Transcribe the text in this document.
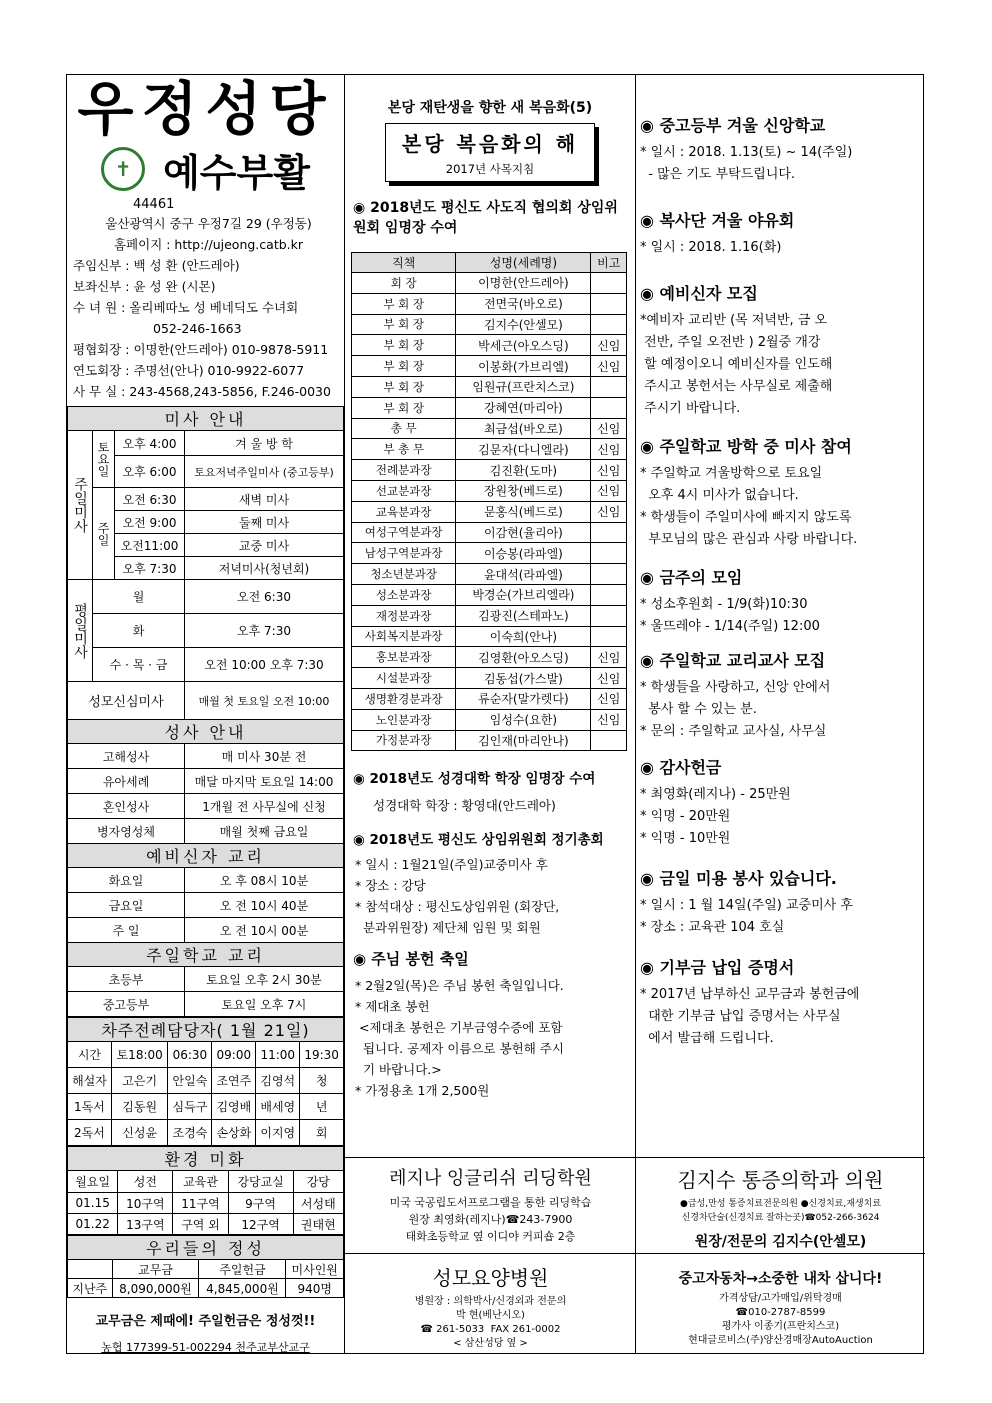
우정성당
✝ 예수부활
44461
울산광역시 중구 우정7길 29 (우정동)
홈페이지 : http://ujeong.catb.kr
주임신부 : 백 성 환 (안드레아)
보좌신부 : 윤 성 완 (시몬)
수 녀 원 : 올리베따노 성 베네딕도 수녀회
052-246-1663
평협회장 : 이명한(안드레아) 010-9878-5911
연도회장 : 주명선(안나) 010-9922-6077
사 무 실 : 243-4568,243-5856, F.246-0030
미사 안내			
주일미사	토요일	오후 4:00	겨 울 방 학
		오후 6:00	토요저녁주일미사 (중고등부)
	주일	오전 6:30	새벽 미사
		오전 9:00	둘째 미사
		오전11:00	교중 미사
		오후 7:30	저녁미사(청년회)
평일미사	월		오전 6:30
	화		오후 7:30
	수 · 목 · 금		오전 10:00 오후 7:30
성모신심미사			매월 첫 토요일 오전 10:00
성사 안내			
고해성사			매 미사 30분 전
유아세례			매달 마지막 토요일 14:00
혼인성사			1개월 전 사무실에 신청
병자영성체			매월 첫째 금요일
예비신자 교리			
화요일			오 후 08시 10분
금요일			오 전 10시 40분
주 일			오 전 10시 00분
주일학교 교리			
초등부			토요일 오후 2시 30분
중고등부			토요일 오후 7시
차주전례담당자( 1월 21일)					
시간	토18:00	06:30	09:00	11:00	19:30
해설자	고은기	안일숙	조연주	김영석	청
1독서	김동원	심득구	김영배	배세영	년
2독서	신성윤	조경숙	손상화	이지영	회
환경 미화				
월요일	성전	교육관	강당교실	강당
01.15	10구역	11구역	9구역	서성태
01.22	13구역	구역 외	12구역	권태현
우리들의 정성			
	교무금	주일헌금	미사인원
지난주	8,090,000원	4,845,000원	940명
교무금은 제때에! 주일헌금은 정성껏!!
농협 177399-51-002294 천주교부산교구
본당 재탄생을 향한 새 복음화(5)
본당 복음화의 해
2017년 사목지침
◉ 2018년도 평신도 사도직 협의회 상임위원회 임명장 수여
직책	성명(세례명)	비고
회 장	이명한(안드레아)	
부 회 장	전면국(바오로)	
부 회 장	김지수(안셀모)	
부 회 장	박세근(아오스딩)	신임
부 회 장	이봉화(가브리엘)	신임
부 회 장	임원규(프란치스코)	
부 회 장	강혜연(마리아)	
총 무	최금섭(바오로)	신임
부 총 무	김문자(다니엘라)	신임
전례분과장	김진환(도마)	신임
선교분과장	장원창(베드로)	신임
교육분과장	문홍식(베드로)	신임
여성구역분과장	이감현(율리아)	
남성구역분과장	이승봉(라파엘)	
청소년분과장	윤대석(라파엘)	
성소분과장	박경순(가브리엘라)	
재정분과장	김광진(스테파노)	
사회복지분과장	이숙희(안나)	
홍보분과장	김영환(아오스딩)	신임
시설분과장	김동섭(가스발)	신임
생명환경분과장	류순자(말가렛다)	신임
노인분과장	임성수(요한)	신임
가정분과장	김인재(마리안나)	
◉ 2018년도 성경대학 학장 임명장 수여
성경대학 학장 : 황영대(안드레아)
◉ 2018년도 평신도 상임위원회 정기총회
* 일시 : 1월21일(주일)교중미사 후
* 장소 : 강당
* 참석대상 : 평신도상임위원 (회장단,
분과위원장) 제단체 임원 및 회원
◉ 주님 봉헌 축일
* 2월2일(목)은 주님 봉헌 축일입니다.
* 제대초 봉헌
<제대초 봉헌은 기부금영수증에 포함
됩니다. 공제자 이름으로 봉헌해 주시
기 바랍니다.>
* 가정용초 1개 2,500원
◉ 중고등부 겨울 신앙학교
* 일시 : 2018. 1.13(토) ~ 14(주일)
- 많은 기도 부탁드립니다.
◉ 복사단 겨울 야유회
* 일시 : 2018. 1.16(화)
◉ 예비신자 모집
*예비자 교리반 (목 저녁반, 금 오
전반, 주일 오전반 ) 2월중 개강
할 예정이오니 예비신자를 인도해
주시고 봉헌서는 사무실로 제출해
주시기 바랍니다.
◉ 주일학교 방학 중 미사 참여
* 주일학교 겨울방학으로 토요일
오후 4시 미사가 없습니다.
* 학생들이 주일미사에 빠지지 않도록
부모님의 많은 관심과 사랑 바랍니다.
◉ 금주의 모임
* 성소후원회 - 1/9(화)10:30
* 울뜨레야 - 1/14(주일) 12:00
◉ 주일학교 교리교사 모집
* 학생들을 사랑하고, 신앙 안에서
봉사 할 수 있는 분.
* 문의 : 주일학교 교사실, 사무실
◉ 감사헌금
* 최영화(레지나) - 25만원
* 익명 - 20만원
* 익명 - 10만원
◉ 금일 미용 봉사 있습니다.
* 일시 : 1 월 14일(주일) 교중미사 후
* 장소 : 교육관 104 호실
◉ 기부금 납입 증명서
* 2017년 납부하신 교무금과 봉헌금에
대한 기부금 납입 증명서는 사무실
에서 발급해 드립니다.
레지나 잉글리쉬 리딩학원
미국 국공립도서프로그램을 통한 리딩학습
원장 최영화(레지나)☎243-7900
태화초등학교 옆 이디야 커피숍 2층
김지수 통증의학과 의원
●급성,만성 통증치료전문의원 ●신경치료,재생치료
신경차단술(신경치료 잘하는곳)☎052-266-3624
원장/전문의 김지수(안셀모)
성모요양병원
병원장 : 의학박사/신경외과 전문의
박 현(베난시오)
☎ 261-5033  FAX 261-0002
< 삼산성당 옆 >
중고자동차→소중한 내차 삽니다!
가격상담/고가매입/위탁경매
☎010-2787-8599
평가사 이종기(프란치스코)
현대글로비스(주)양산경매장AutoAuction
